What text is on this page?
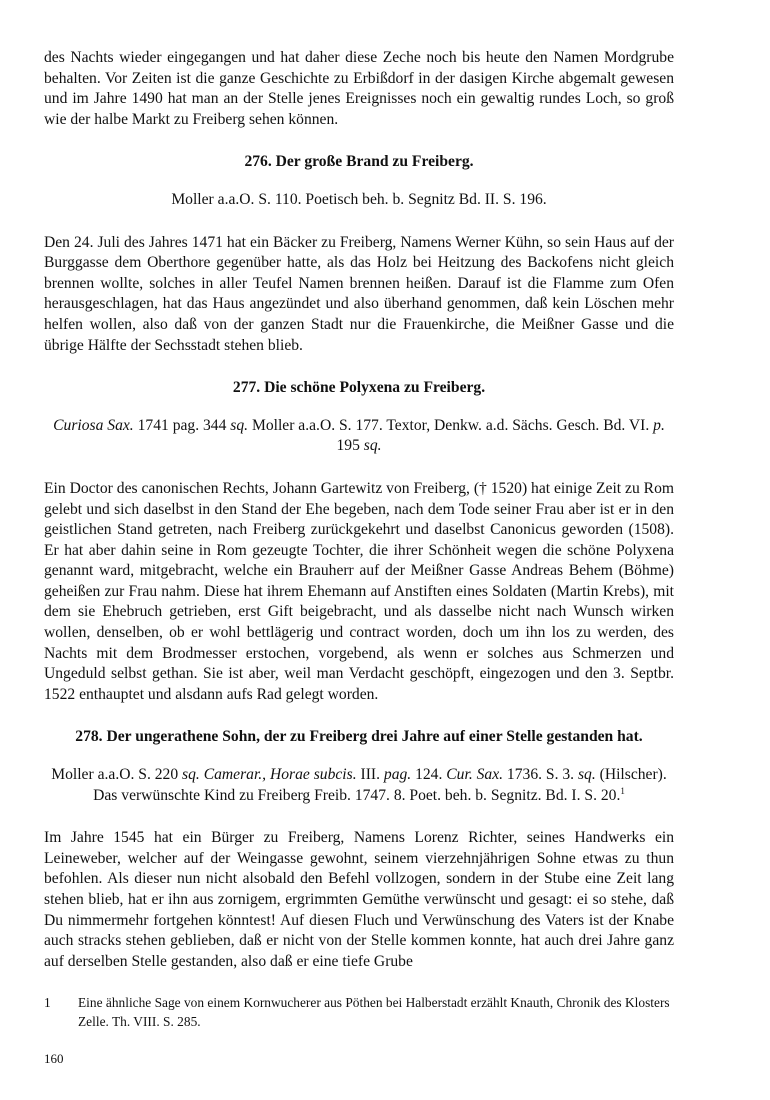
des Nachts wieder eingegangen und hat daher diese Zeche noch bis heute den Namen Mordgrube behalten. Vor Zeiten ist die ganze Geschichte zu Erbißdorf in der dasigen Kirche abgemalt gewesen und im Jahre 1490 hat man an der Stelle jenes Ereignisses noch ein gewaltig rundes Loch, so groß wie der halbe Markt zu Freiberg sehen können.

276. Der große Brand zu Freiberg.
Moller a.a.O. S. 110. Poetisch beh. b. Segnitz Bd. II. S. 196.

Den 24. Juli des Jahres 1471 hat ein Bäcker zu Freiberg, Namens Werner Kühn, so sein Haus auf der Burggasse dem Oberthore gegenüber hatte, als das Holz bei Heitzung des Backofens nicht gleich brennen wollte, solches in aller Teufel Namen brennen heißen. Darauf ist die Flamme zum Ofen herausgeschlagen, hat das Haus angezündet und also überhand genommen, daß kein Löschen mehr helfen wollen, also daß von der ganzen Stadt nur die Frauenkirche, die Meißner Gasse und die übrige Hälfte der Sechsstadt stehen blieb.

277. Die schöne Polyxena zu Freiberg.
Curiosa Sax. 1741 pag. 344 sq. Moller a.a.O. S. 177. Textor, Denkw. a.d. Sächs. Gesch. Bd. VI. p. 195 sq.

Ein Doctor des canonischen Rechts, Johann Gartewitz von Freiberg, († 1520) hat einige Zeit zu Rom gelebt und sich daselbst in den Stand der Ehe begeben, nach dem Tode seiner Frau aber ist er in den geistlichen Stand getreten, nach Freiberg zurückgekehrt und daselbst Canonicus geworden (1508). Er hat aber dahin seine in Rom gezeugte Tochter, die ihrer Schönheit wegen die schöne Polyxena genannt ward, mitgebracht, welche ein Brauherr auf der Meißner Gasse Andreas Behem (Böhme) geheißen zur Frau nahm. Diese hat ihrem Ehemann auf Anstiften eines Soldaten (Martin Krebs), mit dem sie Ehebruch getrieben, erst Gift beigebracht, und als dasselbe nicht nach Wunsch wirken wollen, denselben, ob er wohl bettlägerig und contract worden, doch um ihn los zu werden, des Nachts mit dem Brodmesser erstochen, vorgebend, als wenn er solches aus Schmerzen und Ungeduld selbst gethan. Sie ist aber, weil man Verdacht geschöpft, eingezogen und den 3. Septbr. 1522 enthauptet und alsdann aufs Rad gelegt worden.

278. Der ungerathene Sohn, der zu Freiberg drei Jahre auf einer Stelle gestanden hat.
Moller a.a.O. S. 220 sq. Camerar., Horae subcis. III. pag. 124. Cur. Sax. 1736. S. 3. sq. (Hilscher). Das verwünschte Kind zu Freiberg Freib. 1747. 8. Poet. beh. b. Segnitz. Bd. I. S. 20.$^1$

Im Jahre 1545 hat ein Bürger zu Freiberg, Namens Lorenz Richter, seines Handwerks ein Leineweber, welcher auf der Weingasse gewohnt, seinem vierzehnjährigen Sohne etwas zu thun befohlen. Als dieser nun nicht alsobald den Befehl vollzogen, sondern in der Stube eine Zeit lang stehen blieb, hat er ihn aus zornigem, ergrimmten Gemüthe verwünscht und gesagt: ei so stehe, daß Du nimmermehr fortgehen könntest! Auf diesen Fluch und Verwünschung des Vaters ist der Knabe auch stracks stehen geblieben, daß er nicht von der Stelle kommen konnte, hat auch drei Jahre ganz auf derselben Stelle gestanden, also daß er eine tiefe Grube

1 Eine ähnliche Sage von einem Kornwucherer aus Pöthen bei Halberstadt erzählt Knauth, Chronik des Klosters Zelle. Th. VIII. S. 285.
160
